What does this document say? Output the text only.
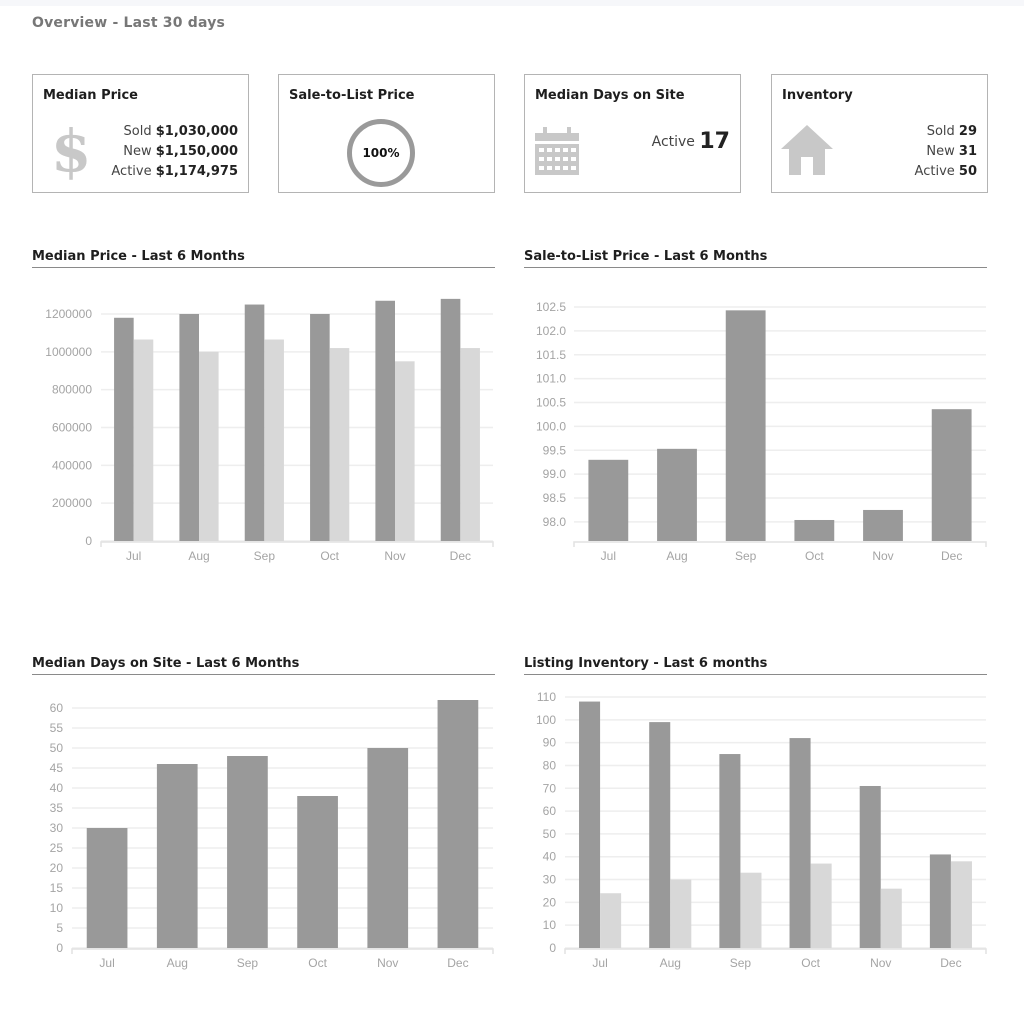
Overview - Last 30 days
Median Price
$	Sold $1,030,000
New $1,150,000
Active $1,174,975
Sale-to-List Price
100%
Median Days on Site
Active 17
Inventory
Sold 29
New 31
Active 50
Median Price - Last 6 Months	Sale-to-List Price - Last 6 Months
Median Days on Site - Last 6 Months	Listing Inventory - Last 6 months
0
200000
400000
600000
800000
1000000
1200000
Jul	Aug	Sep	Oct	Nov	Dec
98.0
98.5
99.0
99.5
100.0
100.5
101.0
101.5
102.0
102.5
Jul	Aug	Sep	Oct	Nov	Dec
0
5
10
15
20
25
30
35
40
45
50
55
60
Jul	Aug	Sep	Oct	Nov	Dec
0
10
20
30
40
50
60
70
80
90
100
110
Jul	Aug	Sep	Oct	Nov	Dec
